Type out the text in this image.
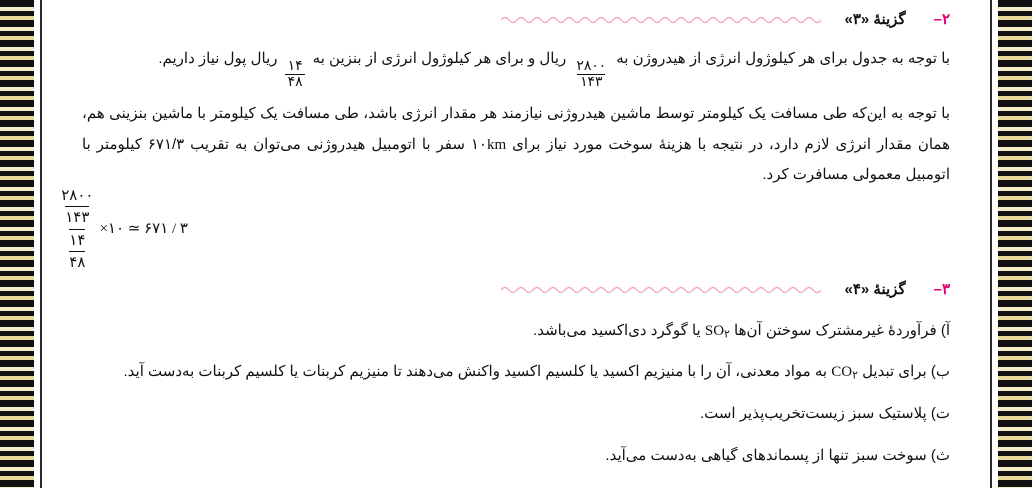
۲–
گزینهٔ «۳»

با توجه به جدول برای هر کیلوژول انرژی از هیدروژن به
$\frac{۲۸۰۰}{۱۴۳}$
ریال و برای هر کیلوژول انرژی از بنزین به
$\frac{۱۴}{۴۸}$
ریال پول نیاز داریم.

با توجه به این‌که طی مسافت یک کیلومتر توسط ماشین هیدروژنی نیازمند هر مقدار انرژی باشد، طی مسافت یک کیلومتر با ماشین بنزینی هم، همان مقدار انرژی لازم دارد، در نتیجه با هزینهٔ سوخت مورد نیاز برای ۱۰km سفر با اتومبیل هیدروژنی می‌توان به تقریب ۶۷۱/۳ کیلومتر با اتومبیل معمولی مسافرت کرد.

۲۸۰۰
۱۴۳
۱۴
۴۸
×۱۰ ≃ ۶۷۱ / ۳
۳–
گزینهٔ «۴»

آ) فرآوردهٔ غیرمشترک سوختن آن‌ها $SO_۲$ یا گوگرد دی‌اکسید می‌باشد.

ب) برای تبدیل $CO_۲$ به مواد معدنی، آن را با منیزیم اکسید یا کلسیم اکسید واکنش می‌دهند تا منیزیم کربنات یا کلسیم کربنات به‌دست آید.

ت) پلاستیک سبز زیست‌تخریب‌پذیر است.

ث) سوخت سبز تنها از پسماندهای گیاهی به‌دست می‌آید.
